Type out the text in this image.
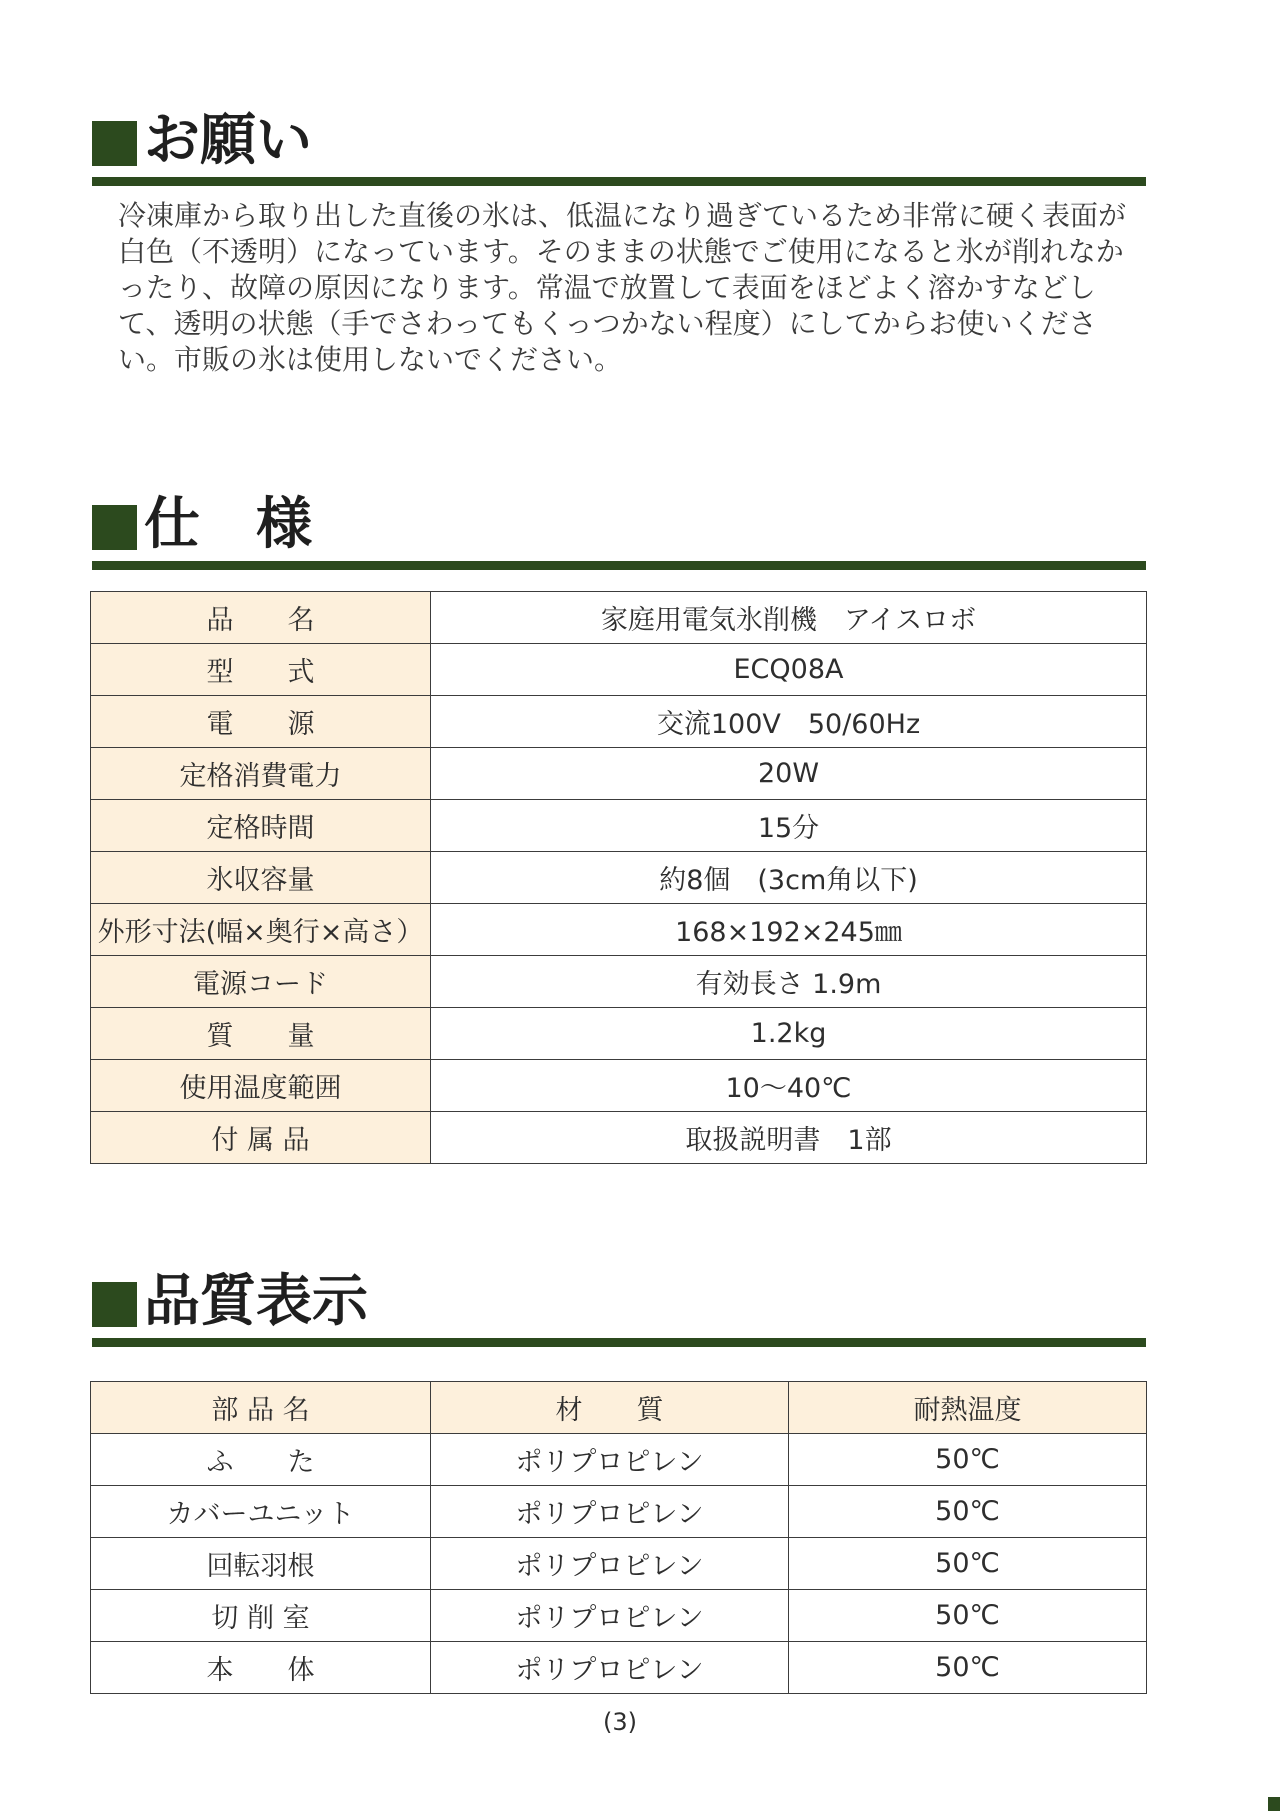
お願い

冷凍庫から取り出した直後の氷は、低温になり過ぎているため非常に硬く表面が白色（不透明）になっています。そのままの状態でご使用になると氷が削れなかったり、故障の原因になります。常温で放置して表面をほどよく溶かすなどして、透明の状態（手でさわってもくっつかない程度）にしてからお使いください。市販の氷は使用しないでください。

仕　様
品　　名	家庭用電気氷削機　アイスロボ
型　　式	ECQ08A
電　　源	交流100V　50/60Hz
定格消費電力	20W
定格時間	15分
氷収容量	約8個　(3cm角以下)
外形寸法(幅×奥行×高さ）	168×192×245㎜
電源コード	有効長さ 1.9m
質　　量	1.2kg
使用温度範囲	10～40℃
付 属 品	取扱説明書　1部
品質表示
部 品 名	材　　質	耐熱温度
ふ　　た	ポリプロピレン	50℃
カバーユニット	ポリプロピレン	50℃
回転羽根	ポリプロピレン	50℃
切 削 室	ポリプロピレン	50℃
本　　体	ポリプロピレン	50℃
(3)
